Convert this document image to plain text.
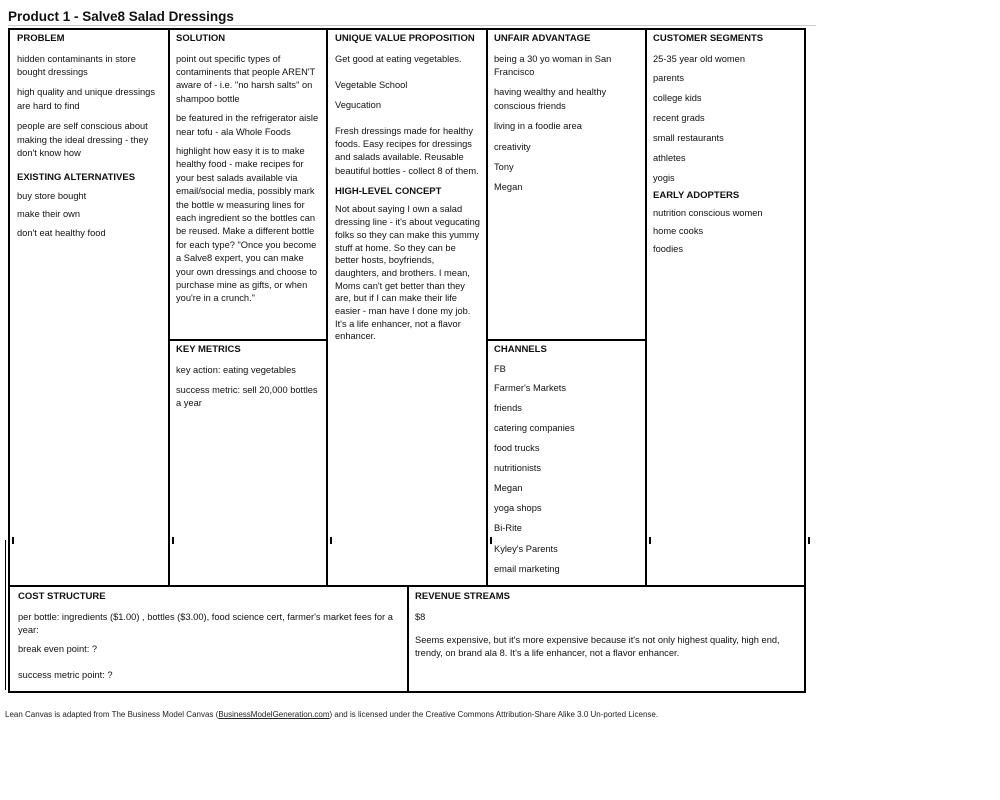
Product 1 - Salve8 Salad Dressings

PROBLEM

hidden contaminants in store bought dressings

high quality and unique dressings are hard to find

people are self conscious about making the ideal dressing - they don't know how

EXISTING ALTERNATIVES

buy store bought

make their own

don't eat healthy food

SOLUTION

point out specific types of contaminents that people AREN'T aware of - i.e. "no harsh salts" on shampoo bottle

be featured in the refrigerator aisle near tofu - ala Whole Foods

highlight how easy it is to make healthy food - make recipes for your best salads available via email/social media, possibly mark the bottle w measuring lines for each ingredient so the bottles can be reused. Make a different bottle for each type? "Once you become a Salve8 expert, you can make your own dressings and choose to purchase mine as gifts, or when you're in a crunch."

KEY METRICS

key action: eating vegetables

success metric: sell 20,000 bottles a year

UNIQUE VALUE PROPOSITION

Get good at eating vegetables.

Vegetable School

Vegucation

Fresh dressings made for healthy foods. Easy recipes for dressings and salads available. Reusable beautiful bottles - collect 8 of them.

HIGH-LEVEL CONCEPT

Not about saying I own a salad dressing line - it's about vegucating folks so they can make this yummy stuff at home. So they can be better hosts, boyfriends, daughters, and brothers. I mean, Moms can't get better than they are, but if I can make their life easier - man have I done my job. It's a life enhancer, not a flavor enhancer.

UNFAIR ADVANTAGE

being a 30 yo woman in San Francisco

having wealthy and healthy conscious friends

living in a foodie area

creativity

Tony

Megan

CHANNELS

FB

Farmer's Markets

friends

catering companies

food trucks

nutritionists

Megan

yoga shops

Bi-Rite

Kyley's Parents

email marketing

CUSTOMER SEGMENTS

25-35 year old women

parents

college kids

recent grads

small restaurants

athletes

yogis

EARLY ADOPTERS

nutrition conscious women

home cooks

foodies

COST STRUCTURE

per bottle: ingredients ($1.00) , bottles ($3.00), food science cert, farmer's market fees for a year:

break even point: ?

success metric point: ?

REVENUE STREAMS

$8

Seems expensive, but it's more expensive because it's not only highest quality, high end, trendy, on brand ala 8. It's a life enhancer, not a flavor enhancer.

Lean Canvas is adapted from The Business Model Canvas (BusinessModelGeneration.com) and is licensed under the Creative Commons Attribution-Share Alike 3.0 Un-ported License.
